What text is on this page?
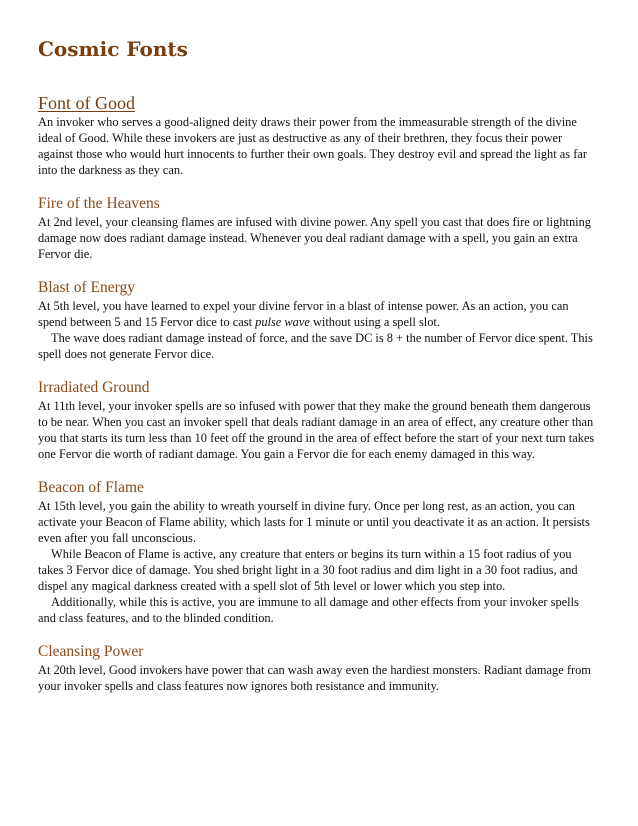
Cosmic Fonts
Font of Good

An invoker who serves a good-aligned deity draws their power from the immeasurable strength of the divine ideal of Good. While these invokers are just as destructive as any of their brethren, they focus their power against those who would hurt innocents to further their own goals. They destroy evil and spread the light as far into the darkness as they can.

Fire of the Heavens

At 2nd level, your cleansing flames are infused with divine power. Any spell you cast that does fire or lightning damage now does radiant damage instead. Whenever you deal radiant damage with a spell, you gain an extra Fervor die.

Blast of Energy

At 5th level, you have learned to expel your divine fervor in a blast of intense power. As an action, you can spend between 5 and 15 Fervor dice to cast pulse wave without using a spell slot.

The wave does radiant damage instead of force, and the save DC is 8 + the number of Fervor dice spent. This spell does not generate Fervor dice.

Irradiated Ground

At 11th level, your invoker spells are so infused with power that they make the ground beneath them dangerous to be near. When you cast an invoker spell that deals radiant damage in an area of effect, any creature other than you that starts its turn less than 10 feet off the ground in the area of effect before the start of your next turn takes one Fervor die worth of radiant damage. You gain a Fervor die for each enemy damaged in this way.

Beacon of Flame

At 15th level, you gain the ability to wreath yourself in divine fury. Once per long rest, as an action, you can activate your Beacon of Flame ability, which lasts for 1 minute or until you deactivate it as an action. It persists even after you fall unconscious.

While Beacon of Flame is active, any creature that enters or begins its turn within a 15 foot radius of you takes 3 Fervor dice of damage. You shed bright light in a 30 foot radius and dim light in a 30 foot radius, and dispel any magical darkness created with a spell slot of 5th level or lower which you step into.

Additionally, while this is active, you are immune to all damage and other effects from your invoker spells and class features, and to the blinded condition.

Cleansing Power

At 20th level, Good invokers have power that can wash away even the hardiest monsters. Radiant damage from your invoker spells and class features now ignores both resistance and immunity.
